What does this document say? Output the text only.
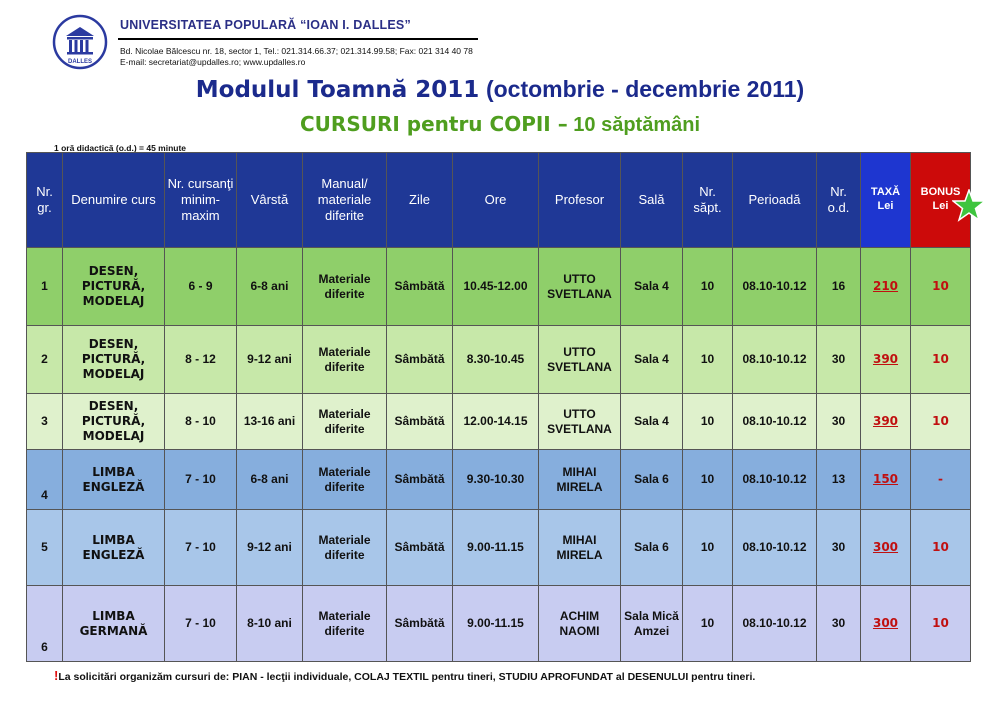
DALLES
UNIVERSITATEA POPULARĂ “IOAN I. DALLES”
Bd. Nicolae Bălcescu nr. 18, sector 1, Tel.: 021.314.66.37; 021.314.99.58; Fax: 021 314 40 78
E-mail: secretariat@updalles.ro; www.updalles.ro
Modulul Toamnă 2011 (octombrie - decembrie 2011)
CURSURI pentru COPII – 10 săptămâni
1 oră didactică (o.d.) = 45 minute
Nr. gr.	Denumire curs	Nr. cursanţi minim-maxim	Vârstă	Manual/ materiale diferite	Zile	Ore	Profesor	Sală	Nr. săpt.	Perioadă	Nr. o.d.	TAXĂ Lei	BONUS Lei

1	DESEN, PICTURĂ, MODELAJ	6 - 9	6-8 ani	Materiale diferite	Sâmbătă	10.45-12.00	UTTO SVETLANA	Sala 4	10	08.10-10.12	16	210	10
2	DESEN, PICTURĂ, MODELAJ	8 - 12	9-12 ani	Materiale diferite	Sâmbătă	8.30-10.45	UTTO SVETLANA	Sala 4	10	08.10-10.12	30	390	10
3	DESEN, PICTURĂ, MODELAJ	8 - 10	13-16 ani	Materiale diferite	Sâmbătă	12.00-14.15	UTTO SVETLANA	Sala 4	10	08.10-10.12	30	390	10
4	LIMBA ENGLEZĂ	7 - 10	6-8 ani	Materiale diferite	Sâmbătă	9.30-10.30	MIHAI MIRELA	Sala 6	10	08.10-10.12	13	150	-
5	LIMBA ENGLEZĂ	7 - 10	9-12 ani	Materiale diferite	Sâmbătă	9.00-11.15	MIHAI MIRELA	Sala 6	10	08.10-10.12	30	300	10
6	LIMBA GERMANĂ	7 - 10	8-10 ani	Materiale diferite	Sâmbătă	9.00-11.15	ACHIM NAOMI	Sala Mică Amzei	10	08.10-10.12	30	300	10
!La solicitări organizăm cursuri de: PIAN - lecţii individuale, COLAJ TEXTIL pentru tineri, STUDIU APROFUNDAT al DESENULUI pentru tineri.
